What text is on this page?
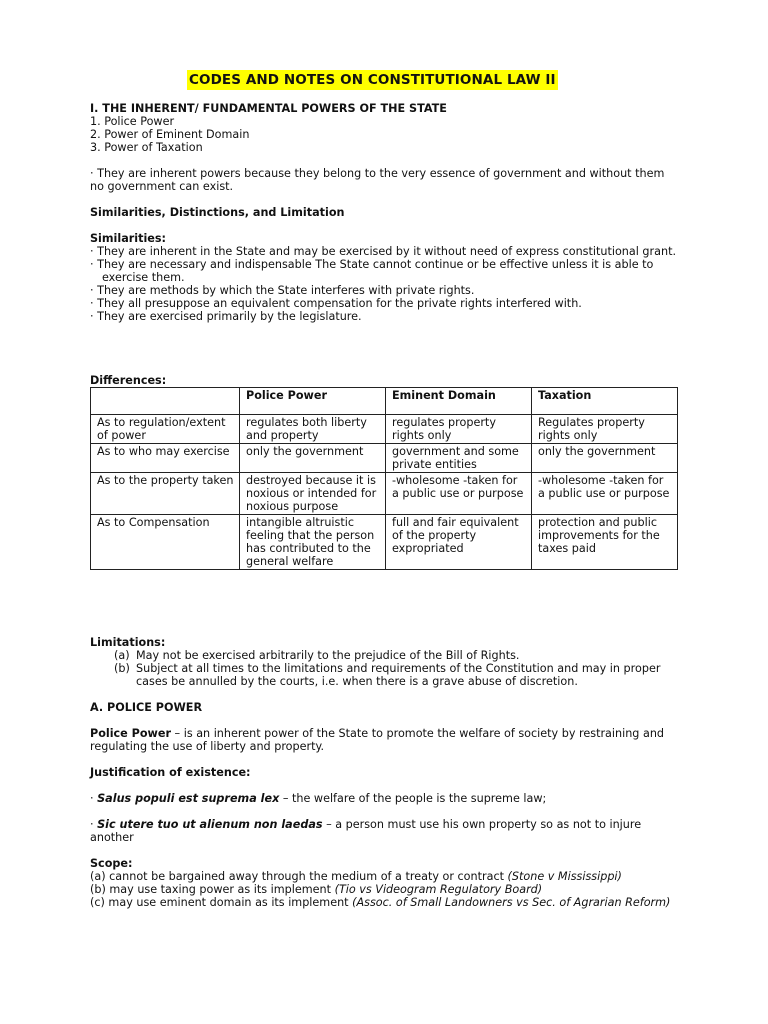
CODES AND NOTES ON CONSTITUTIONAL LAW II

I. THE INHERENT/ FUNDAMENTAL POWERS OF THE STATE

1. Police Power

2. Power of Eminent Domain

3. Power of Taxation

· They are inherent powers because they belong to the very essence of government and without them no government can exist.

Similarities, Distinctions, and Limitation

Similarities:

· They are inherent in the State and may be exercised by it without need of express constitutional grant.

· They are necessary and indispensable The State cannot continue or be effective unless it is able to

exercise them.

· They are methods by which the State interferes with private rights.

· They all presuppose an equivalent compensation for the private rights interfered with.

· They are exercised primarily by the legislature.

Differences:

	Police Power	Eminent Domain	Taxation
As to regulation/extent of power	regulates both liberty and property	regulates property rights only	Regulates property rights only
As to who may exercise	only the government	government and some private entities	only the government
As to the property taken	destroyed because it is noxious or intended for noxious purpose	-wholesome -taken for a public use or purpose	-wholesome -taken for a public use or purpose
As to Compensation	intangible altruistic feeling that the person has contributed to the general welfare	full and fair equivalent of the property expropriated	protection and public improvements for the taxes paid

Limitations:

(a) May not be exercised arbitrarily to the prejudice of the Bill of Rights.
(b) Subject at all times to the limitations and requirements of the Constitution and may in proper cases be annulled by the courts, i.e. when there is a grave abuse of discretion.

A. POLICE POWER

Police Power – is an inherent power of the State to promote the welfare of society by restraining and regulating the use of liberty and property.

Justification of existence:

· Salus populi est suprema lex – the welfare of the people is the supreme law;

· Sic utere tuo ut alienum non laedas – a person must use his own property so as not to injure another

Scope:

(a) cannot be bargained away through the medium of a treaty or contract (Stone v Mississippi)

(b) may use taxing power as its implement (Tio vs Videogram Regulatory Board)

(c) may use eminent domain as its implement (Assoc. of Small Landowners vs Sec. of Agrarian Reform)
